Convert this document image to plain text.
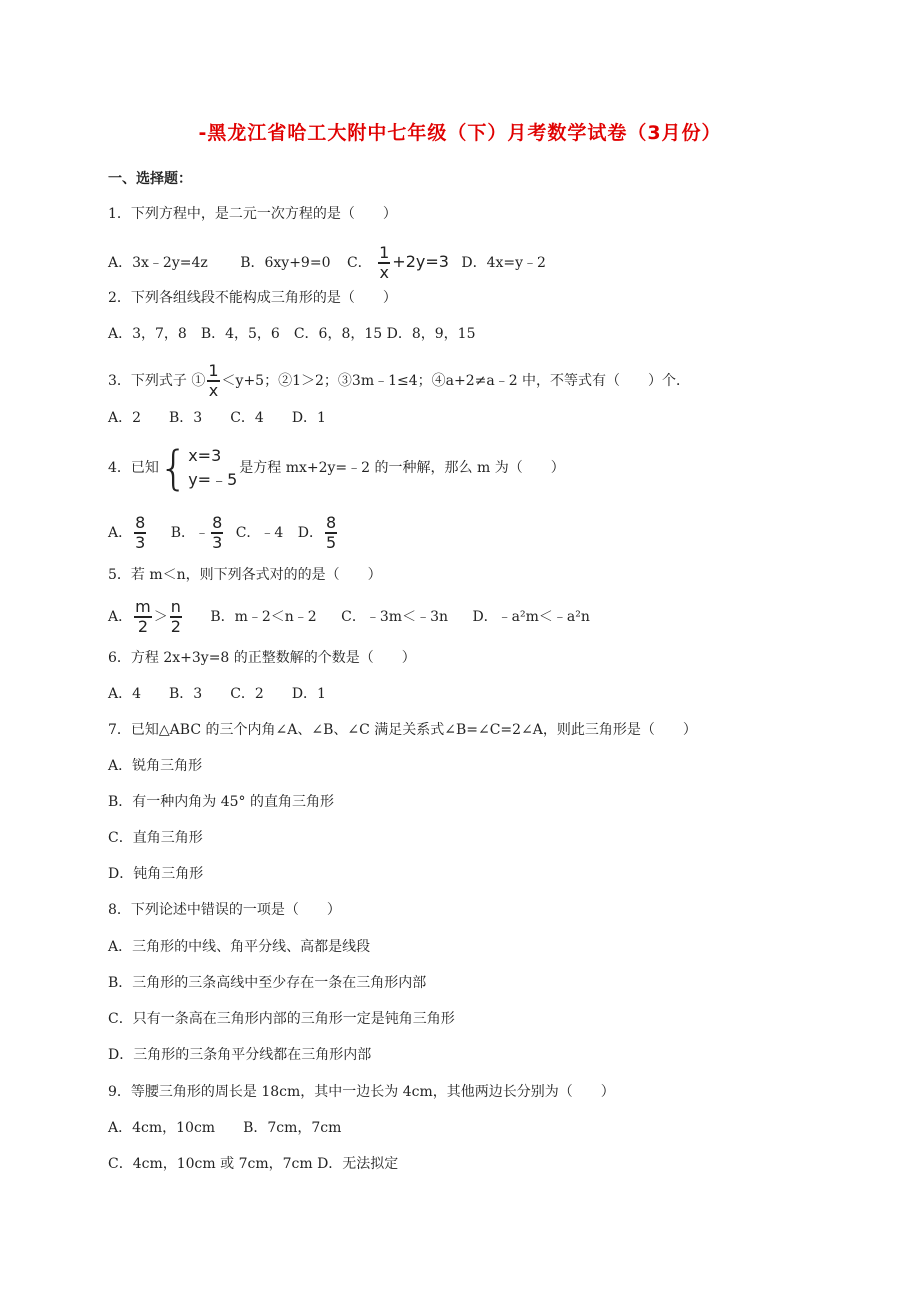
-黑龙江省哈工大附中七年级（下）月考数学试卷（3月份）
一、选择题：
1．下列方程中，是二元一次方程的是（　　）
A．3x﹣2y=4z B．6xy+9=0 C． $\frac{1}{x} +2y=3$ D．4x=y﹣2
2．下列各组线段不能构成三角形的是（　　）
A．3，7，8　B．4，5，6　C．6，8，15 D．8，9，15
3．下列式子 ① $\frac{1}{x} <y+5$；②1＞2；③3m﹣1≤4；④a+2≠a﹣2 中，不等式有（　　）个．
A．2　　B．3　　C．4　　D．1
4．已知 { x=3
y=﹣5
是方程 mx+2y=﹣2 的一种解，那么 m 为（　　）
A． $\frac{8}{3}$ B．﹣ $\frac{8}{3}$ C．﹣4 D． $\frac{8}{5}$
5．若 m＜n，则下列各式对的的是（　　）
A． $\frac{m}{2} > \frac{n}{2}$ B．m﹣2＜n﹣2 C．﹣3m＜﹣3n D．﹣a²m＜﹣a²n
6．方程 2x+3y=8 的正整数解的个数是（　　）
A．4　　B．3　　C．2　　D．1
7．已知△ABC 的三个内角∠A、∠B、∠C 满足关系式∠B=∠C=2∠A，则此三角形是（　　）
A．锐角三角形
B．有一种内角为 45° 的直角三角形
C．直角三角形
D．钝角三角形
8．下列论述中错误的一项是（　　）
A．三角形的中线、角平分线、高都是线段
B．三角形的三条高线中至少存在一条在三角形内部
C．只有一条高在三角形内部的三角形一定是钝角三角形
D．三角形的三条角平分线都在三角形内部
9．等腰三角形的周长是 18cm，其中一边长为 4cm，其他两边长分别为（　　）
A．4cm，10cm　　B．7cm，7cm
C．4cm，10cm 或 7cm，7cm D．无法拟定
